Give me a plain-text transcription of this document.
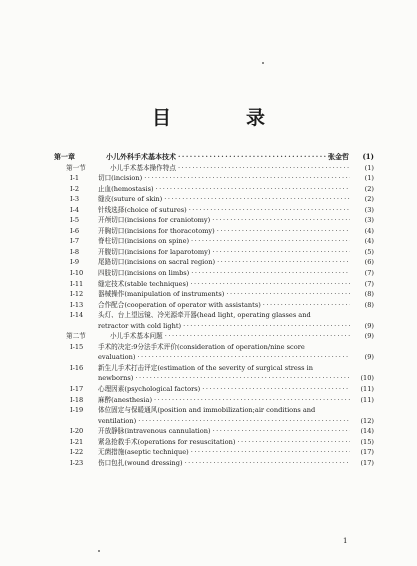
目　录
第一章	小儿外科手术基本技术 ·····	张金哲	(1)
第一节	小儿手术基本操作特点 ·····	(1)
Ⅰ-1	切口(incision) ·····	(1)
Ⅰ-2	止血(hemostasis) ·····	(2)
Ⅰ-3	缝皮(suture of skin) ·····	(2)
Ⅰ-4	针线选择(choice of sutures) ·····	(3)
Ⅰ-5	开颅切口(incisions for craniotomy) ·····	(3)
Ⅰ-6	开胸切口(incisions for thoracotomy) ·····	(4)
Ⅰ-7	脊柱切口(incisions on spine) ·····	(4)
Ⅰ-8	开腹切口(incisions for laparotomy) ·····	(5)
Ⅰ-9	尾路切口(incisions on sacral region) ·····	(6)
Ⅰ-10	四肢切口(incisions on limbs) ·····	(7)
Ⅰ-11	缝定技术(stable techniques) ·····	(7)
Ⅰ-12	器械操作(manipulation of instruments) ·····	(8)
Ⅰ-13	合作配合(cooperation of operator with assistants) ·····	(8)
Ⅰ-14	头灯、台上望远镜、冷光源牵开器(head light, operating glasses and
retractor with cold light) ·····	(9)
第二节	小儿手术基本问题 ·····	(9)
Ⅰ-15	手术的决定:9分法手术评价(consideration of operation/nine score
evaluation) ·····	(9)
Ⅰ-16	新生儿手术打击评定(estimation of the severity of surgical stress in
newborns) ·····	(10)
Ⅰ-17	心理因素(psychological factors) ·····	(11)
Ⅰ-18	麻醉(anesthesia) ·····	(11)
Ⅰ-19	体位固定与保暖通风(position and immobilization;air conditions and
ventilation) ·····	(12)
Ⅰ-20	开放静脉(intravenous cannulation) ·····	(14)
Ⅰ-21	紧急抢救手术(operations for resuscitation) ·····	(15)
Ⅰ-22	无菌措施(aseptic technique) ·····	(17)
Ⅰ-23	伤口包扎(wound dressing) ·····	(17)
1
